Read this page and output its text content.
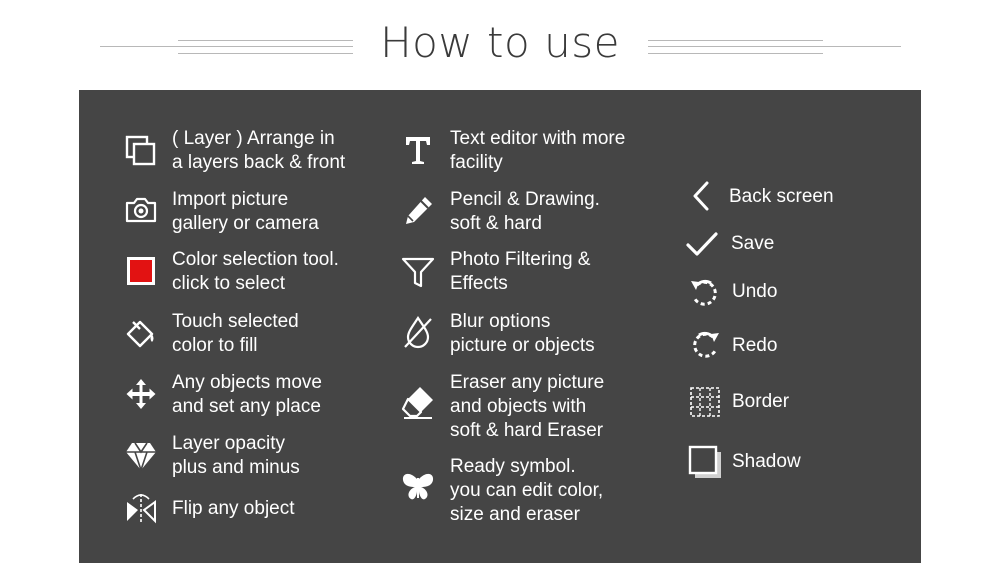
How to use
( Layer ) Arrange in
a layers back & front
Import picture
gallery or camera
Color selection tool.
click to select
Touch selected
color to fill
Any objects move
and set any place
Layer opacity
plus and minus
Flip any object
Text editor with more
facility
Pencil & Drawing.
soft & hard
Photo Filtering &
Effects
Blur options
picture or objects
Eraser any picture
and objects with
soft & hard Eraser
Ready symbol.
you can edit color,
size and eraser
Back screen
Save
Undo
Redo
Border
Shadow
